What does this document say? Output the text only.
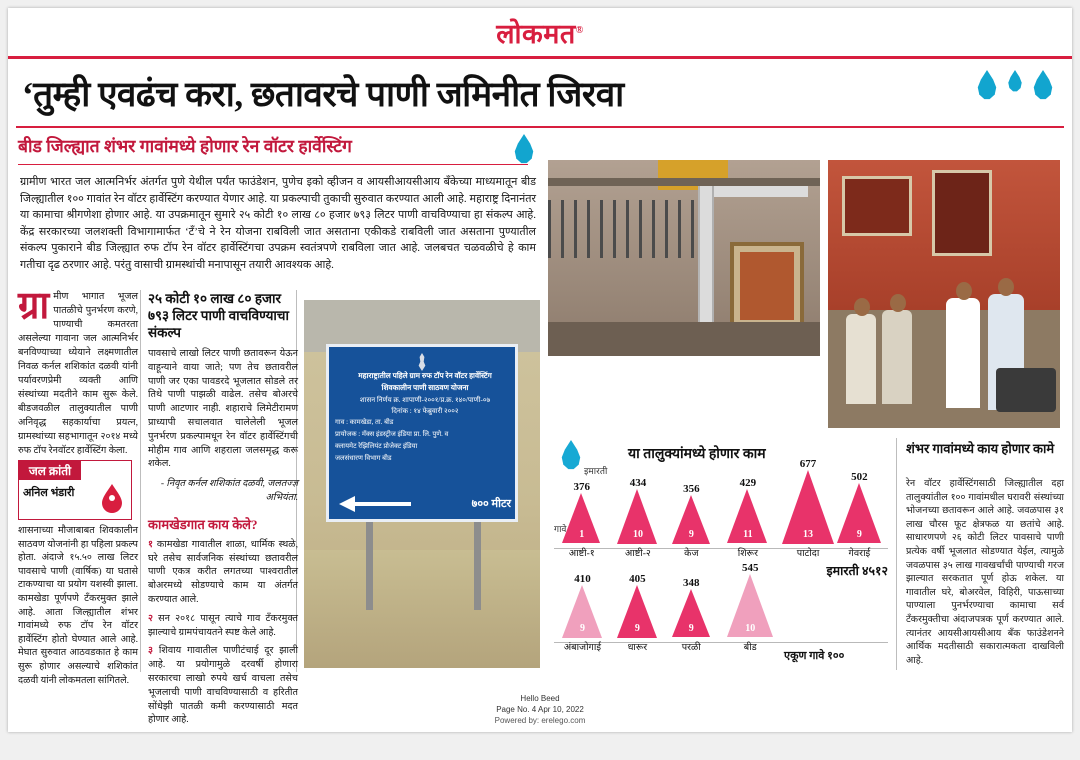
लोकमत®
‘तुम्ही एवढंच करा, छतावरचे पाणी जमिनीत जिरवा
बीड जिल्ह्यात शंभर गावांमध्ये होणार रेन वॉटर हार्वेस्टिंग
ग्रामीण भारत जल आत्मनिर्भर अंतर्गत पुणे येथील पर्यंत फाउंडेशन, पुणेच इको व्हीजन व आयसीआयसीआय बँकेच्या माध्यमातून बीड जिल्ह्यातील १०० गावांत रेन वॉटर हार्वेस्टिंग करण्यात येणार आहे. या प्रकल्पाची तुकाची सुरुवात करण्यात आली आहे. महाराष्ट्र दिनानंतर या कामाचा श्रीगणेशा होणार आहे. या उपक्रमातून सुमारे २५ कोटी १० लाख ८० हजार ७९३ लिटर पाणी वाचविण्याचा हा संकल्प आहे. केंद्र सरकारच्या जलशक्ती विभागामार्फत ‘टँ’चे ने रेन योजना राबविली जात असताना एकीकडे राबविली जात असताना पुण्यातील संकल्प पुकाराने बीड जिल्ह्यात रुफ टॉप रेन वॉटर हार्वेस्टिंगचा उपक्रम स्वतंत्रपणे राबविला जात आहे. जलबचत चळवळीचे हे काम गतीचा दृढ ठरणार आहे. परंतु वासाची ग्रामस्थांची मनापासून तयारी आवश्यक आहे.
ग्रा मीण भागात भूजल पातळीचे पुनर्भरण करणे, पाण्याची कमतरता असलेल्या गावाना जल आत्मनिर्भर बनविण्याच्या ध्येयाने लक्ष्मणातील निवळ कर्नल शशिकांत दळवी यांनी पर्यावरणप्रेमी व्यक्ती आणि संस्थांच्या मदतीने काम सुरू केले. बीडजवळील तालुक्यातील पाणी अनिवृद्ध सहकार्याचा प्रयत्न, ग्रामस्थांच्या सहभागातून २०१४ मध्ये रुफ टॉप रेनवॉटर हार्वेस्टिंग केला.
जल क्रांती
अनिल भंडारी
शासनाच्या मौजाबाबत शिवकालीन साठवण योजनांनी हा पहिला प्रकल्प होता. अंदाजे १५.५० लाख लिटर पावसाचे पाणी (वार्षिक) या घतासे टाकण्याचा या प्रयोग यशस्वी झाला. कामखेडा पूर्णपणे टँकरमुक्त झाले आहे. आता जिल्ह्यातील शंभर गावांमध्ये रुफ टॉप रेन वॉटर हार्वेस्टिंग होतो घेण्यात आले आहे. मेघात सुरुवात आठवडकात हे काम सुरू होणार असल्याचे शशिकांत दळवी यांनी लोकमतला सांगितले.
२५ कोटी १० लाख ८० हजार ७९३ लिटर पाणी वाचविण्याचा संकल्प
पावसाचे लाखो लिटर पाणी छतावरून येऊन वाहून्याने वाया जाते; पण तेच छतावरील पाणी जर एका पावडरदे भूजलात सोडले तर तिथे पाणी पाझळी वाढेल. तसेच बोअरचे पाणी आटणार नाही. शहाराचे लिमेटीरामण प्राध्यापी सचालवात चालेलेली भूजल पुनर्भरण प्रकल्पामधून रेन वॉटर हार्वेस्टिंगची मोहीम गाव आणि शहराला जलसमृद्ध करू शकेल.
- निवृत कर्नल शशिकांत दळवी, जलतज्ज्ञ अभियंता.
कामखेडगात काय केले?
१ कामखेडा गावातील शाळा, धार्मिक स्थळे, घरे तसेच सार्वजनिक संस्थांच्या छतावरील पाणी एकत्र करीत लगतच्या पाश्वरातील बोअरमध्ये सोडण्याचे काम या अंतर्गत करण्यात आले.
२ सन २०१८ पासून त्याचे गाव टँकरमुक्त झाल्याचे ग्रामपंचायतने स्पष्ट केले आहे.
३ शिवाय गावातील पाणीटंचाई दूर झाली आहे. या प्रयोगामुळे दरवर्षी होणारा सरकारचा लाखो रुपये खर्च वाचला तसेच भूजलाची पाणी वाचविण्यासाठी व हरितीत सोंधेझी पातळी कमी करण्यासाठी मदत होणार आहे.
महाराष्ट्रातील पहिले ग्राम रुफ टॉप रेन वॉटर हार्वेस्टिंग
शिवकालीन पाणी साठवण योजना
शासन निर्णय क्र. शापाणी-२००१/प्र.क्र. १४०/पाणी-०७
दिनांक : १४ फेब्रुवारी २००२
गाव : कामखेडा, ता. बीड
प्रायोजक : मॅक्स इंडस्ट्रीज इंडिया प्रा. लि. पुणे. व
क्लायमेट रेझिलियंट प्रोजेक्ट इंडिया
जलसंधारण विभाग बीड
७०० मीटर
इमारती
गावे
या तालुक्यांमध्ये होणार काम
376
1
आष्टी-१
434
10
आष्टी-२
356
9
केज
429
11
शिरूर
677
13
पाटोदा
502
9
गेवराई
410
9
अंबाजोगाई
405
9
धारूर
348
9
परळी
545
10
बीड
इमारती ४५१२
एकूण गावे १००
शंभर गावांमध्ये काय होणार कामे
रेन वॉटर हार्वेस्टिंगसाठी जिल्ह्यातील दहा तालुक्यांतील १०० गावांमधील घरावरी संस्थांच्या भोजनच्या छतावरून आले आहे. जवळपास ३१ लाख चौरस फूट क्षेत्रफळ या छतांचे आहे. साधारणपणे २६ कोटी लिटर पावसाचे पाणी प्रत्येक वर्षी भूजलात सोडण्यात येईल, त्यामुळे जवळपास ३५ लाख गावखर्चांची पाण्याची गरज झाल्यात सरकतात पूर्ण होऊ शकेल. या गावातील घरे, बोअरवेल, विहिरी, पाऊसाच्या पाण्याला पुनर्भरण्याचा कामाचा सर्व टँकरमुक्तीचा अंदाजपत्रक पूर्ण करण्यात आले. त्यानंतर आयसीआयसीआय बँक फाउंडेशनने आर्थिक मदतीसाठी सकारात्मकता दाखविली आहे.
Hello Beed
Page No. 4 Apr 10, 2022
Powered by: erelego.com
